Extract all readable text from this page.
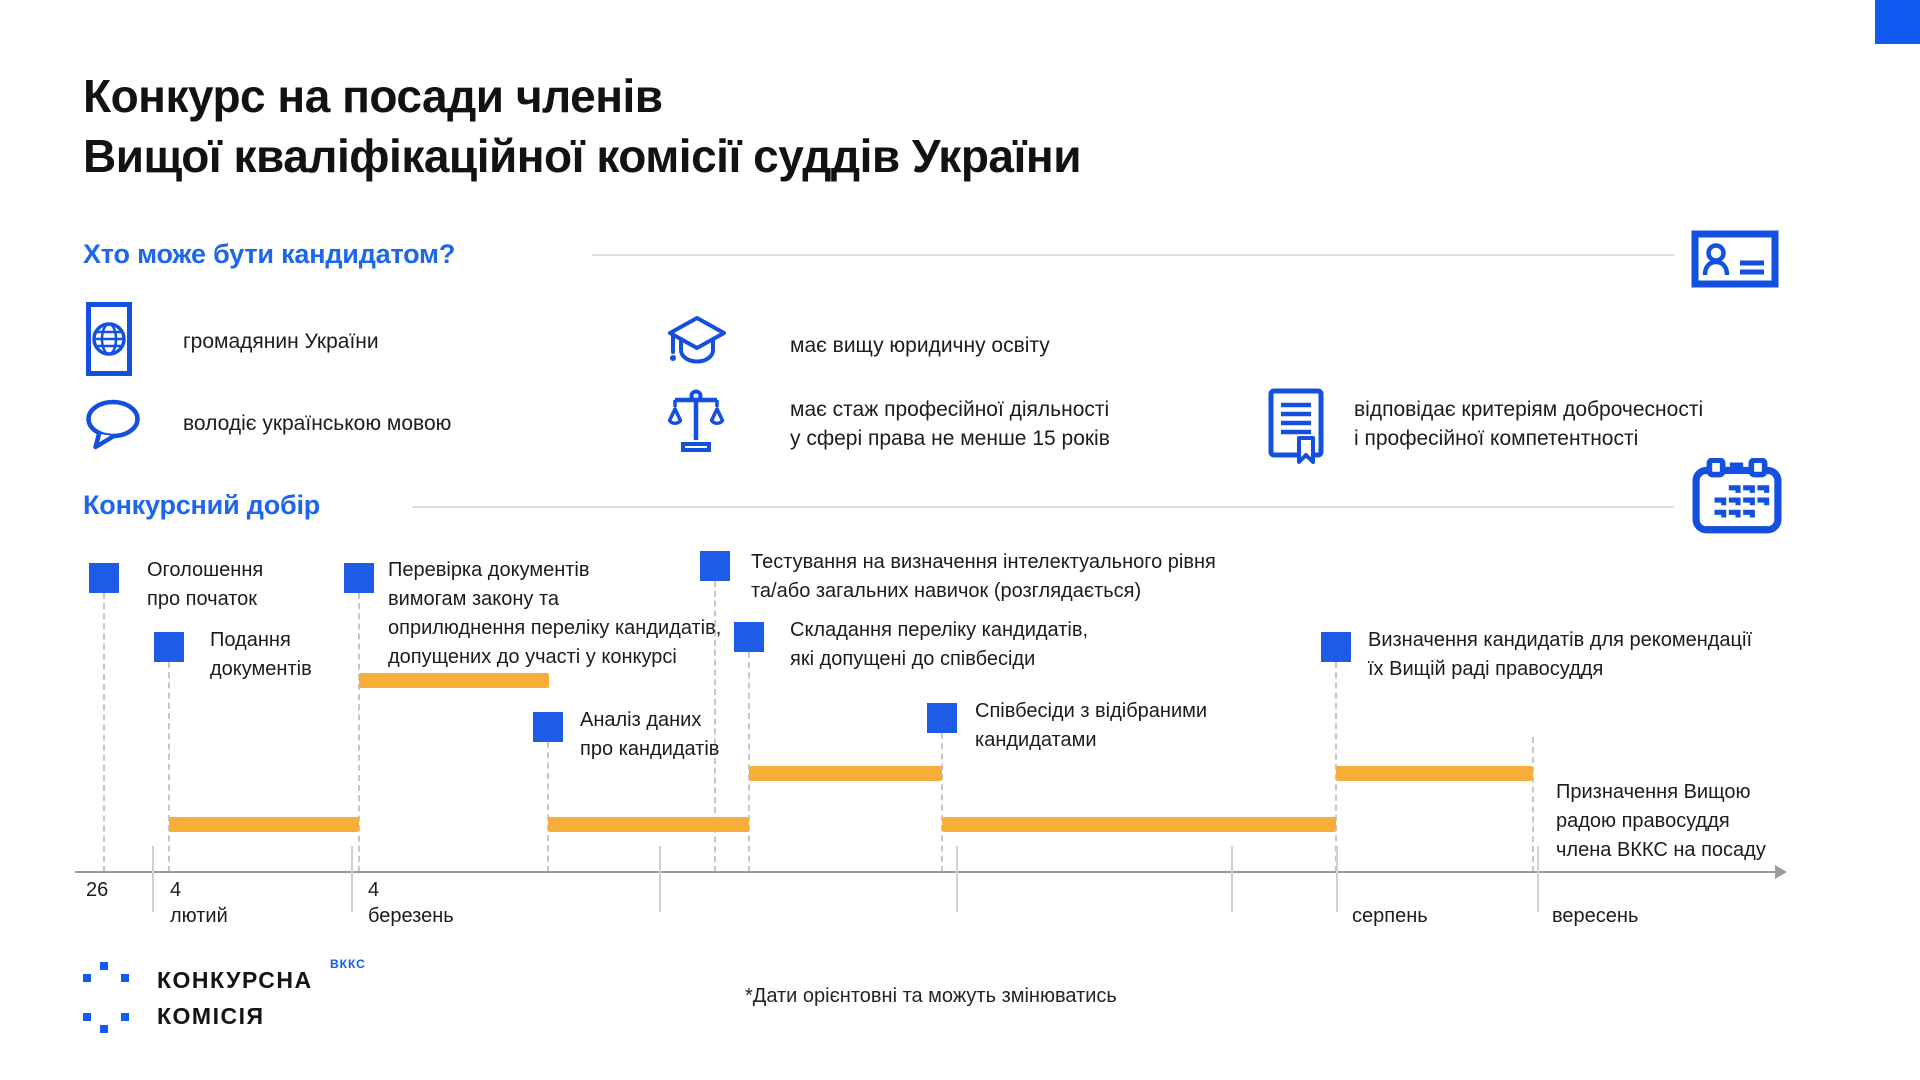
Конкурс на посади членів
Вищої кваліфікаційної комісії суддів України
Хто може бути кандидатом?
громадянин України
володіє українською мовою
має вищу юридичну освіту
має стаж професійної діяльності
у сфері права не менше 15 років
відповідає критеріям доброчесності
і професійної компетентності
Конкурсний добір
Оголошення
про початок
Подання
документів
Перевірка документів
вимогам закону та
оприлюднення переліку кандидатів,
допущених до участі у конкурсі
Аналіз даних
про кандидатів
Тестування на визначення інтелектуального рівня
та/або загальних навичок (розглядається)
Складання переліку кандидатів,
які допущені до співбесіди
Співбесіди з відібраними
кандидатами
Визначення кандидатів для рекомендації
їх Вищій раді правосуддя
Призначення Вищою
радою правосуддя
члена ВККС на посаду
26	4
лютий
4
березень
	серпень
	вересень
КОНКУРСНА
КОМІСІЯ
ВККС
*Дати орієнтовні та можуть змінюватись
